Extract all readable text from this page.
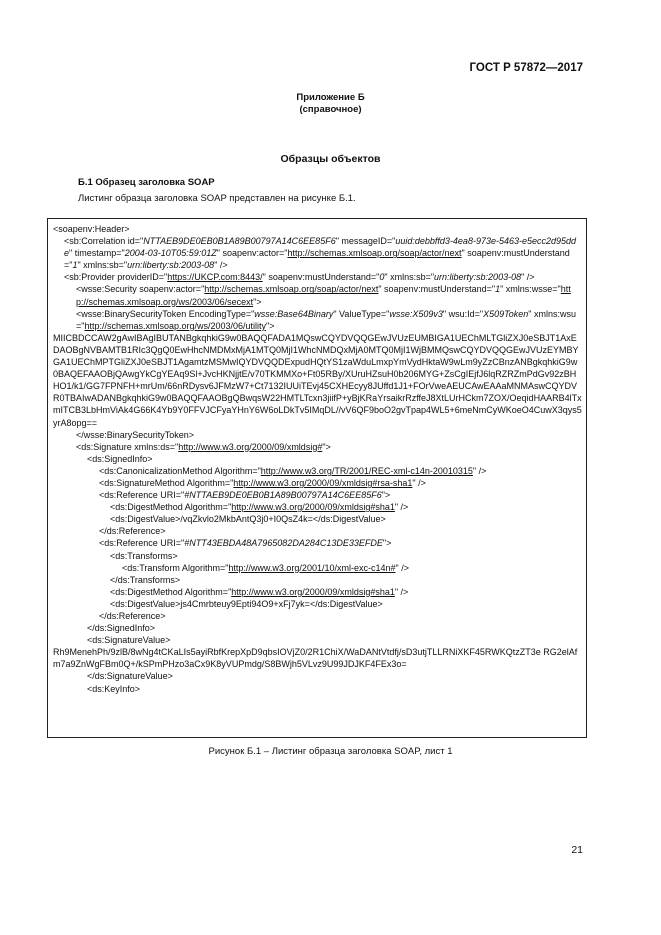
ГОСТ Р 57872—2017
Приложение Б
(справочное)
Образцы объектов
Б.1 Образец заголовка SOAP
Листинг образца заголовка SOAP представлен на рисунке Б.1.
<soapenv:Header>
<sb:Correlation id="NTTAEB9DE0EB0B1A89B00797A14C6EE85F6" messageID="uuid:debbffd3-4ea8-973e-5463-e5ecc2d95dde" timestamp="2004-03-10T05:59:01Z" soapenv:actor="http://schemas.xmlsoap.org/soap/actor/next" soapenv:mustUnderstand="1" xmlns:sb="urn:liberty:sb:2003-08" />
<sb:Provider providerID="https://UKCP.com:8443/" soapenv:mustUnderstand="0" xmlns:sb="urn:liberty:sb:2003-08" />
<wsse:Security soapenv:actor="http://schemas.xmlsoap.org/soap/actor/next" soapenv:mustUnderstand="1" xmlns:wsse="http://schemas.xmlsoap.org/ws/2003/06/secext">
<wsse:BinarySecurityToken EncodingType="wsse:Base64Binary" ValueType="wsse:X509v3" wsu:Id="X509Token" xmlns:wsu="http://schemas.xmlsoap.org/ws/2003/06/utility">
MIICBDCCAW2gAwIBAgIBUTANBgkqhkiG9w0BAQQFADA1MQswCQYDVQQGEwJVUzEUMBIGA1UEChMLTGliZXJ0eSBJT1AxEDAOBgNVBAMTB1RIc3QgQ0EwHhcNMDMxMjA1MTQ0MjI1WhcNMDQxMjA0MTQ0MjI1WjBMMQswCQYDVQQGEwJVUzEYMBYGA1UEChMPTGliZXJ0eSBJT1AgamtzMSMwIQYDVQQDExpudHQtYS1zaWduLmxpYmVydHktaW9wLm9yZzCBnzANBgkqhkiG9w0BAQEFAAOBjQAwgYkCgYEAq9Sl+JvcHKNjjtE/v70TKMMXo+Ft05RBy/XUruHZsuH0b206MYG+ZsCgIEjfJ6lqRZRZmPdGv92zBHHO1/k1/GG7FPNFH+mrUm/66nRDysv6JFMzW7+Ct7132IUUiTEvj45CXHEcyy8JUffd1J1+FOrVweAEUCAwEAAaMNMAswCQYDVR0TBAIwADANBgkqhkiG9w0BAQQFAAOBgQBwqsW22HMTLTcxn3jiifP+yBjKRaYrsaikrRzffeJ8XtLUrHCkm7ZOX/OeqidHAARB4lTxmITCB3LbHmViAk4G66K4Yb9Y0FFVJCFyaYHnY6W6oLDkTv5IMqDL//vV6QF9boO2gvTpap4WL5+6meNmCyWKoeO4CuwX3qys5yrA8opg==
</wsse:BinarySecurityToken>
<ds:Signature xmlns:ds="http://www.w3.org/2000/09/xmldsig#">
<ds:SignedInfo>
<ds:CanonicalizationMethod Algorithm="http://www.w3.org/TR/2001/REC-xml-c14n-20010315" />
<ds:SignatureMethod Algorithm="http://www.w3.org/2000/09/xmldsig#rsa-sha1" />
<ds:Reference URI="#NTTAEB9DE0EB0B1A89B00797A14C6EE85F6">
<ds:DigestMethod Algorithm="http://www.w3.org/2000/09/xmldsig#sha1" />
<ds:DigestValue>/vqZkvlo2MkbAntQ3j0+I0QsZ4k=</ds:DigestValue>
</ds:Reference>
<ds:Reference URI="#NTT43EBDA48A7965082DA284C13DE33EFDE">
<ds:Transforms>
<ds:Transform Algorithm="http://www.w3.org/2001/10/xml-exc-c14n#" />
</ds:Transforms>
<ds:DigestMethod Algorithm="http://www.w3.org/2000/09/xmldsig#sha1" />
<ds:DigestValue>js4Cmrbteuy9Epti94O9+xFj7yk=</ds:DigestValue>
</ds:Reference>
</ds:SignedInfo>
<ds:SignatureValue>
Rh9MenehPh/9zlB/8wNg4tCKaLIs5ayiRbfKrepXpD9qbsIOVjZ0/2R1ChiX/WaDANtVtdfj/sD3utjTLLRNiXKF45RWKQtzZT3e RG2elAfm7a9ZnWgFBm0Q+/kSPmPHzo3aCx9K8yVUPmdg/S8BWjh5VLvz9U99JDJKF4FEx3o=
</ds:SignatureValue>
<ds:KeyInfo>
Рисунок Б.1 – Листинг образца заголовка SOAP, лист 1
21
